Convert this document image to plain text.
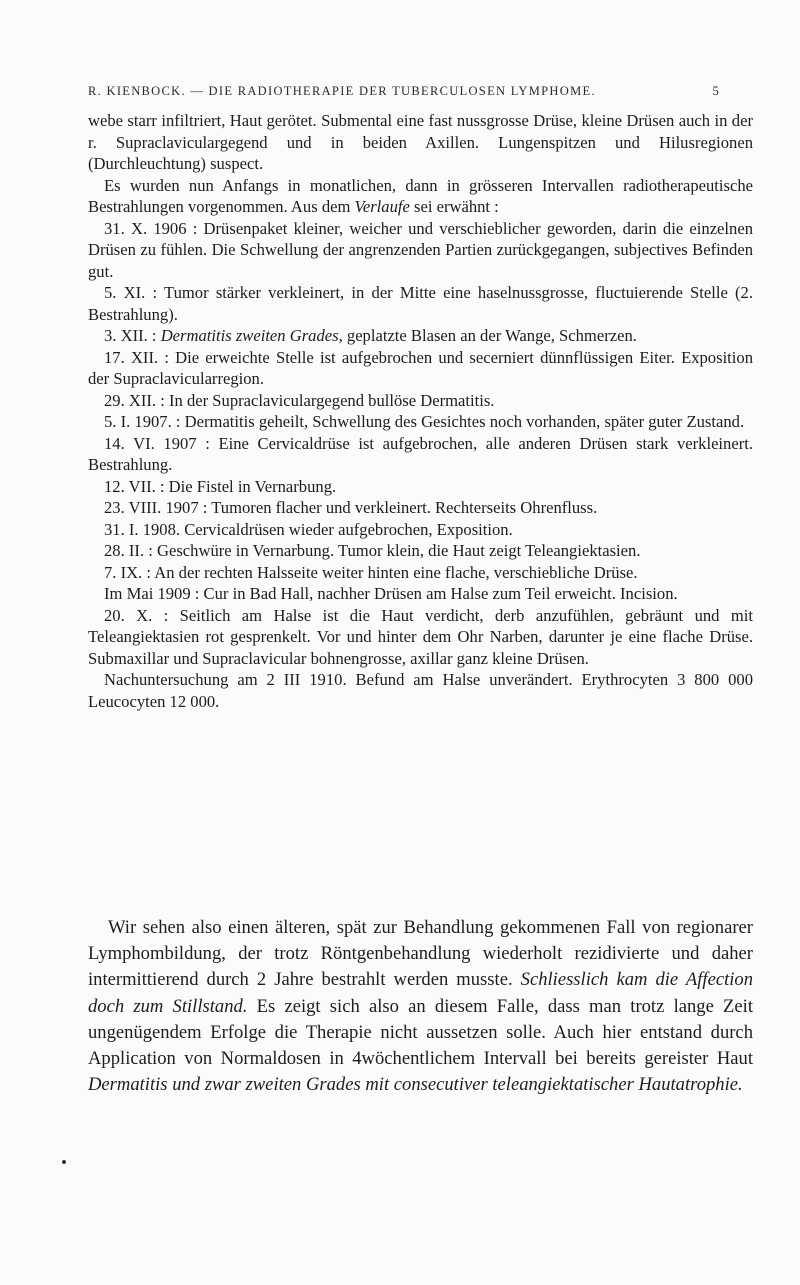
R. KIENBOCK. — DIE RADIOTHERAPIE DER TUBERCULOSEN LYMPHOME.	5

webe starr infiltriert, Haut gerötet. Submental eine fast nussgrosse Drüse, kleine Drüsen auch in der r. Supraclaviculargegend und in beiden Axillen. Lungenspitzen und Hilusregionen (Durchleuchtung) suspect.

Es wurden nun Anfangs in monatlichen, dann in grösseren Intervallen radiotherapeutische Bestrahlungen vorgenommen. Aus dem Verlaufe sei erwähnt :

31. X. 1906 : Drüsenpaket kleiner, weicher und verschieblicher geworden, darin die einzelnen Drüsen zu fühlen. Die Schwellung der angrenzenden Partien zurückgegangen, subjectives Befinden gut.

5. XI. : Tumor stärker verkleinert, in der Mitte eine haselnussgrosse, fluctuierende Stelle (2. Bestrahlung).

3. XII. : Dermatitis zweiten Grades, geplatzte Blasen an der Wange, Schmerzen.

17. XII. : Die erweichte Stelle ist aufgebrochen und secerniert dünnflüssigen Eiter. Exposition der Supraclavicularregion.

29. XII. : In der Supraclaviculargegend bullöse Dermatitis.

5. I. 1907. : Dermatitis geheilt, Schwellung des Gesichtes noch vorhanden, später guter Zustand.

14. VI. 1907 : Eine Cervicaldrüse ist aufgebrochen, alle anderen Drüsen stark verkleinert. Bestrahlung.

12. VII. : Die Fistel in Vernarbung.

23. VIII. 1907 : Tumoren flacher und verkleinert. Rechterseits Ohrenfluss.

31. I. 1908. Cervicaldrüsen wieder aufgebrochen, Exposition.

28. II. : Geschwüre in Vernarbung. Tumor klein, die Haut zeigt Teleangiektasien.

7. IX. : An der rechten Halsseite weiter hinten eine flache, verschiebliche Drüse.

Im Mai 1909 : Cur in Bad Hall, nachher Drüsen am Halse zum Teil erweicht. Incision.

20. X. : Seitlich am Halse ist die Haut verdicht, derb anzufühlen, gebräunt und mit Teleangiektasien rot gesprenkelt. Vor und hinter dem Ohr Narben, darunter je eine flache Drüse. Submaxillar und Supraclavicular bohnengrosse, axillar ganz kleine Drüsen.

Nachuntersuchung am 2 III 1910. Befund am Halse unverändert. Erythrocyten 3 800 000 Leucocyten 12 000.

Wir sehen also einen älteren, spät zur Behandlung gekommenen Fall von regionarer Lymphombildung, der trotz Röntgenbehandlung wiederholt rezidivierte und daher intermittierend durch 2 Jahre bestrahlt werden musste. Schliesslich kam die Affection doch zum Stillstand. Es zeigt sich also an diesem Falle, dass man trotz lange Zeit ungenügendem Erfolge die Therapie nicht aussetzen solle. Auch hier entstand durch Application von Normaldosen in 4wöchentlichem Intervall bei bereits gereister Haut Dermatitis und zwar zweiten Grades mit consecutiver teleangiektatischer Hautatrophie.
